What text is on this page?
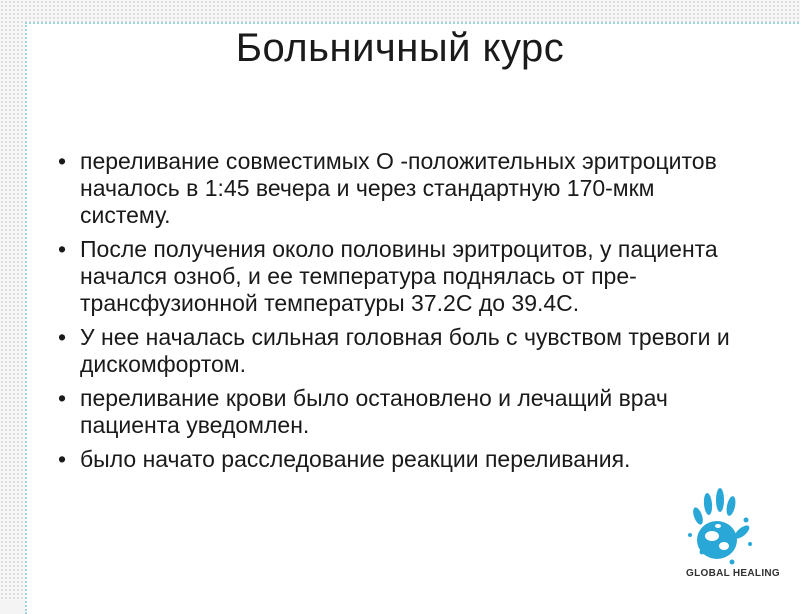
Больничный курс
• переливание совместимых О -положительных эритроцитов началось в 1:45 вечера и через стандартную 170-мкм систему.
• После получения около половины эритроцитов, у пациента начался озноб, и ее температура поднялась от пре-трансфузионной температуры 37.2С до 39.4С.
• У нее началась сильная головная боль с чувством тревоги и дискомфортом.
• переливание крови было остановлено и лечащий врач пациента уведомлен.
• было начато расследование реакции переливания.
GLOBAL HEALING
